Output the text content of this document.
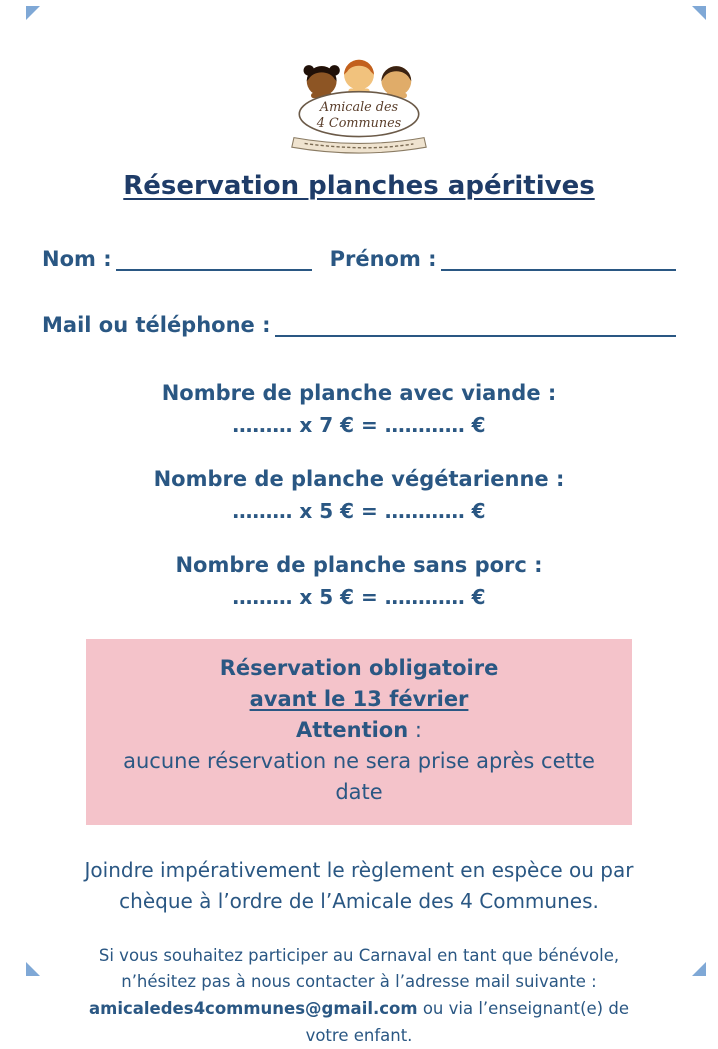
Amicale des
4 Communes
Réservation planches apéritives
Nom :	Prénom :
Mail ou téléphone :
Nombre de planche avec viande :
……… x 7 € = ………… €
Nombre de planche végétarienne :
……… x 5 € = ………… €
Nombre de planche sans porc :
……… x 5 € = ………… €
Réservation obligatoire
avant le 13 février
Attention :
aucune réservation ne sera prise après cette date

Joindre impérativement le règlement en espèce ou par chèque à l’ordre de l’Amicale des 4 Communes.

Si vous souhaitez participer au Carnaval en tant que bénévole, n’hésitez pas à nous contacter à l’adresse mail suivante : amicaledes4communes@gmail.com ou via l’enseignant(e) de votre enfant.
